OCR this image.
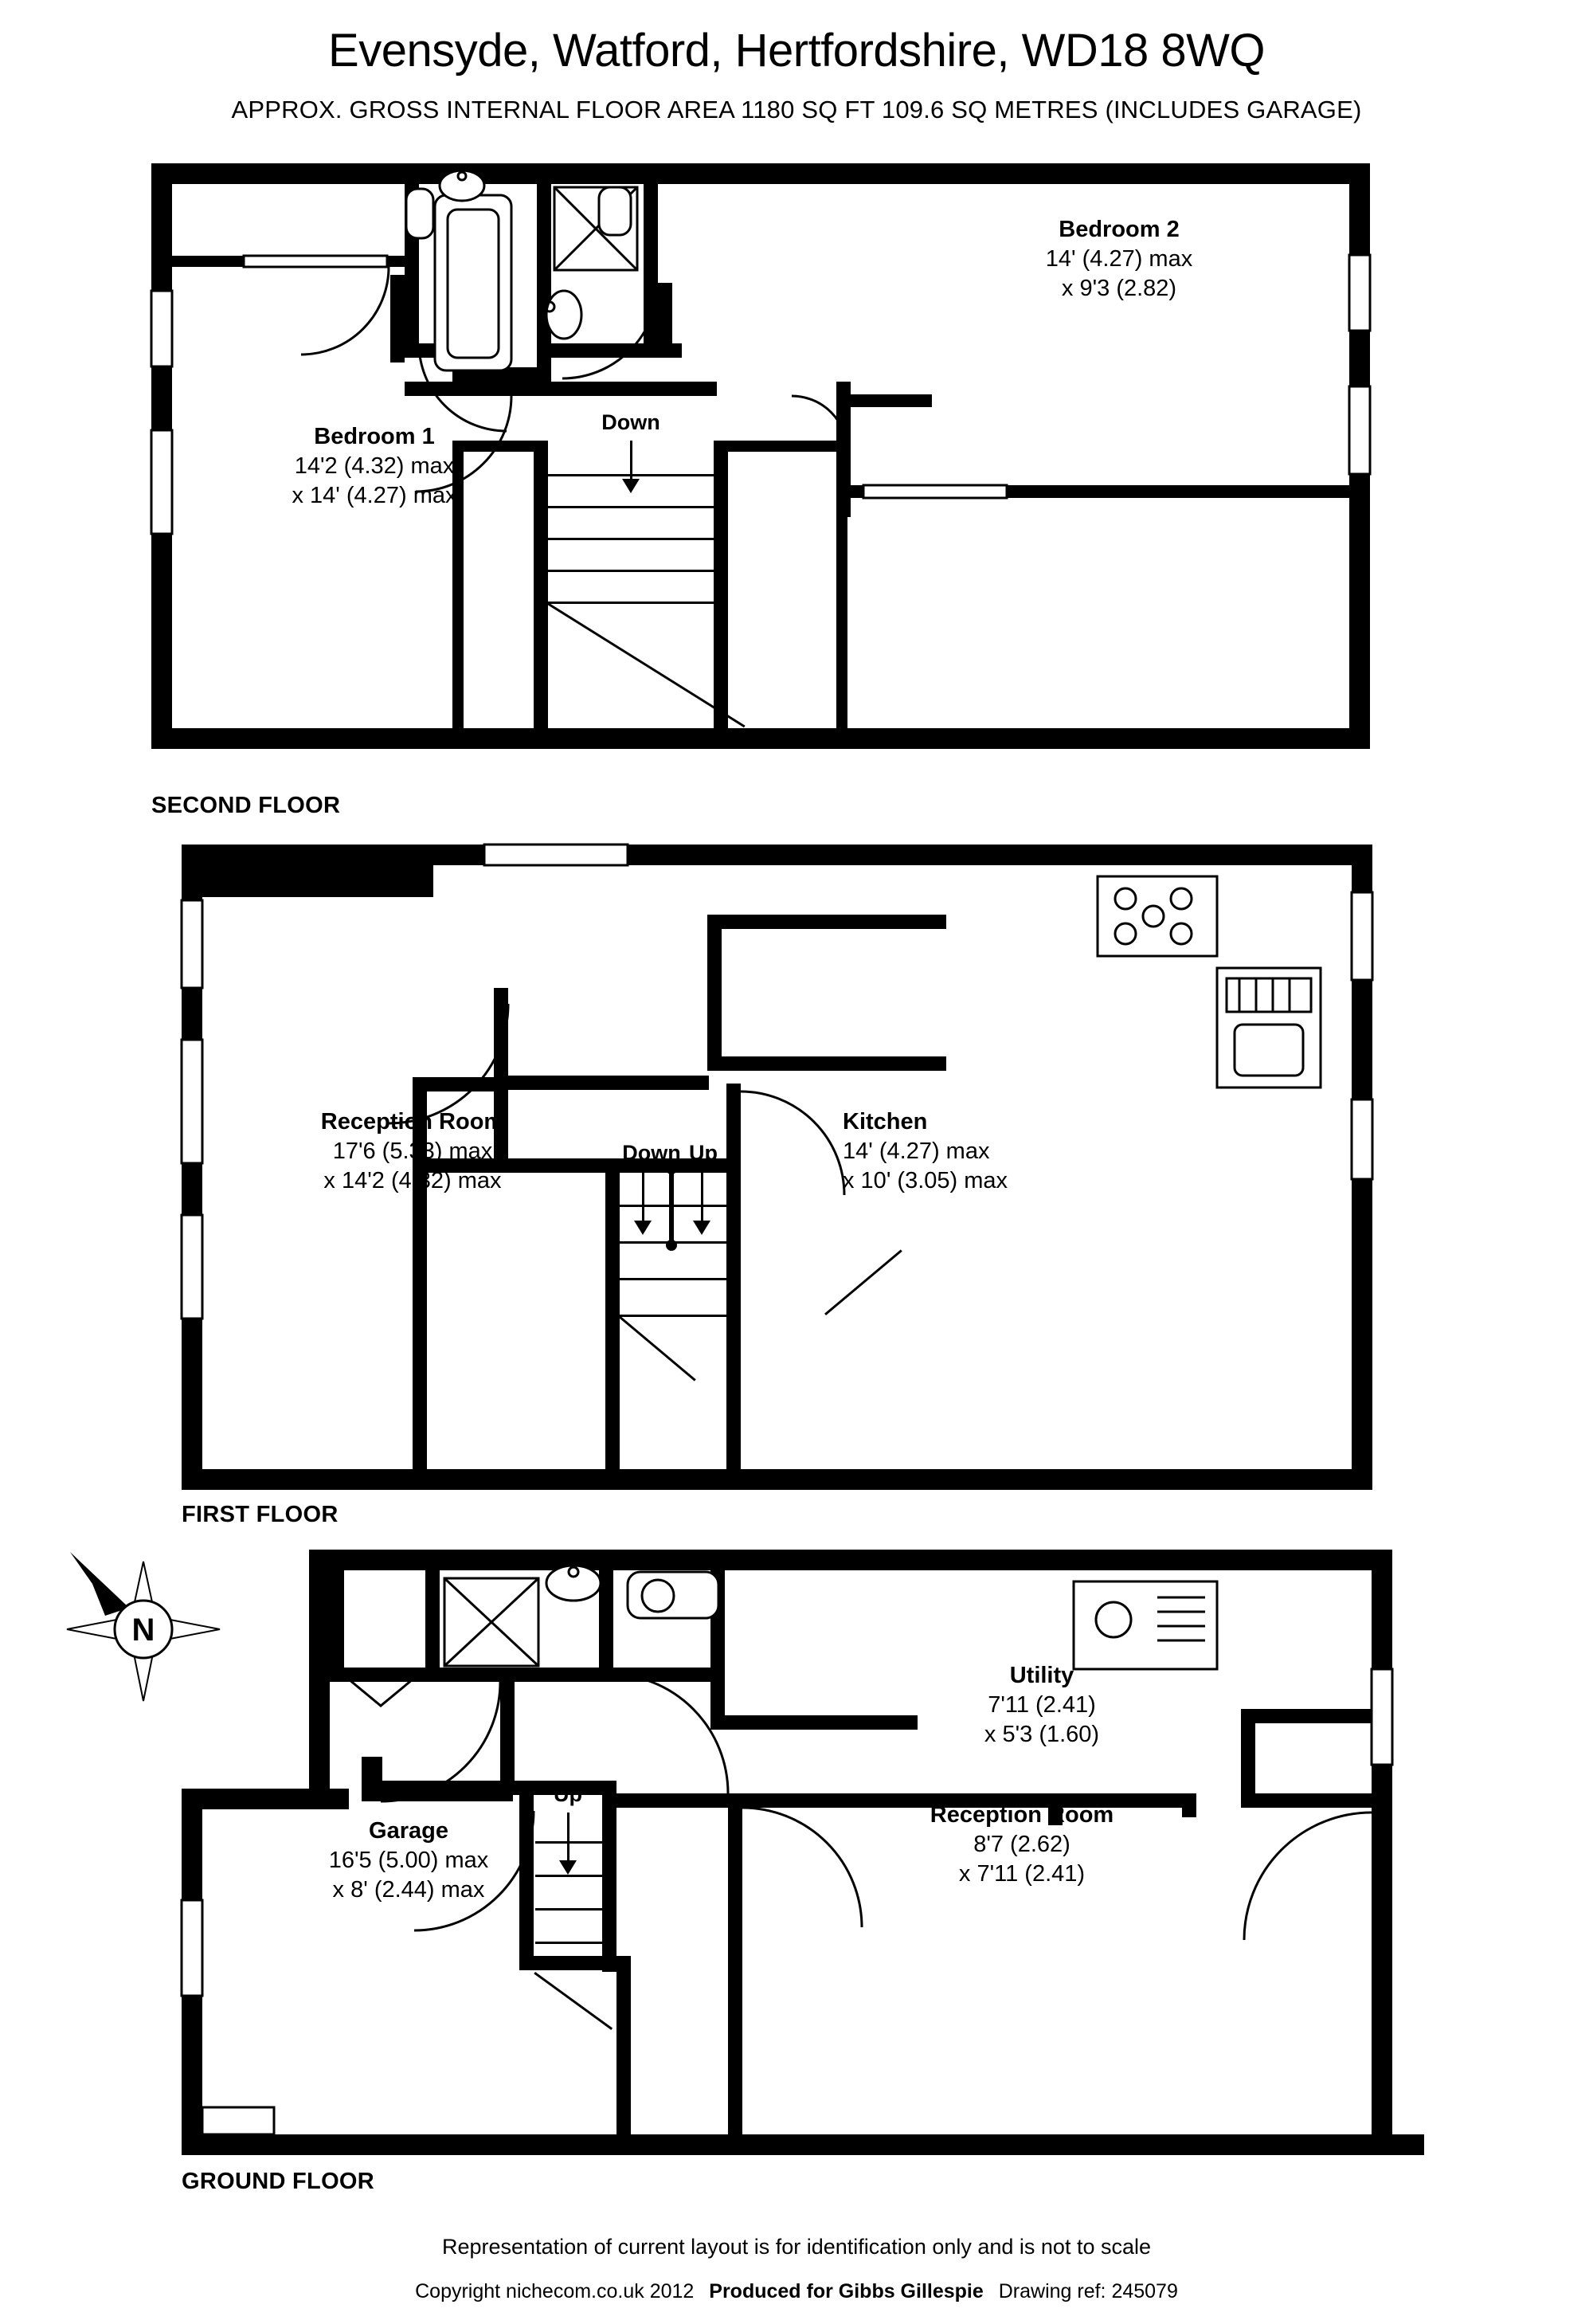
Evensyde, Watford, Hertfordshire, WD18 8WQ
APPROX. GROSS INTERNAL FLOOR AREA 1180 SQ FT 109.6 SQ METRES (INCLUDES GARAGE)
Bedroom 1
14'2 (4.32) max
x 14' (4.27) max
Bedroom 2
14' (4.27) max
x 9'3 (2.82)
Down
SECOND FLOOR
Reception Room
17'6 (5.33) max
x 14'2 (4.32) max
Kitchen
14' (4.27) max
x 10' (3.05) max
Down Up
FIRST FLOOR
Utility
7'11 (2.41)
x 5'3 (1.60)
Reception Room
8'7 (2.62)
x 7'11 (2.41)
Garage
16'5 (5.00) max
x 8' (2.44) max
Up
GROUND FLOOR
N
Representation of current layout is for identification only and is not to scale
Copyright nichecom.co.uk 2012 Produced for Gibbs Gillespie Drawing ref: 245079
